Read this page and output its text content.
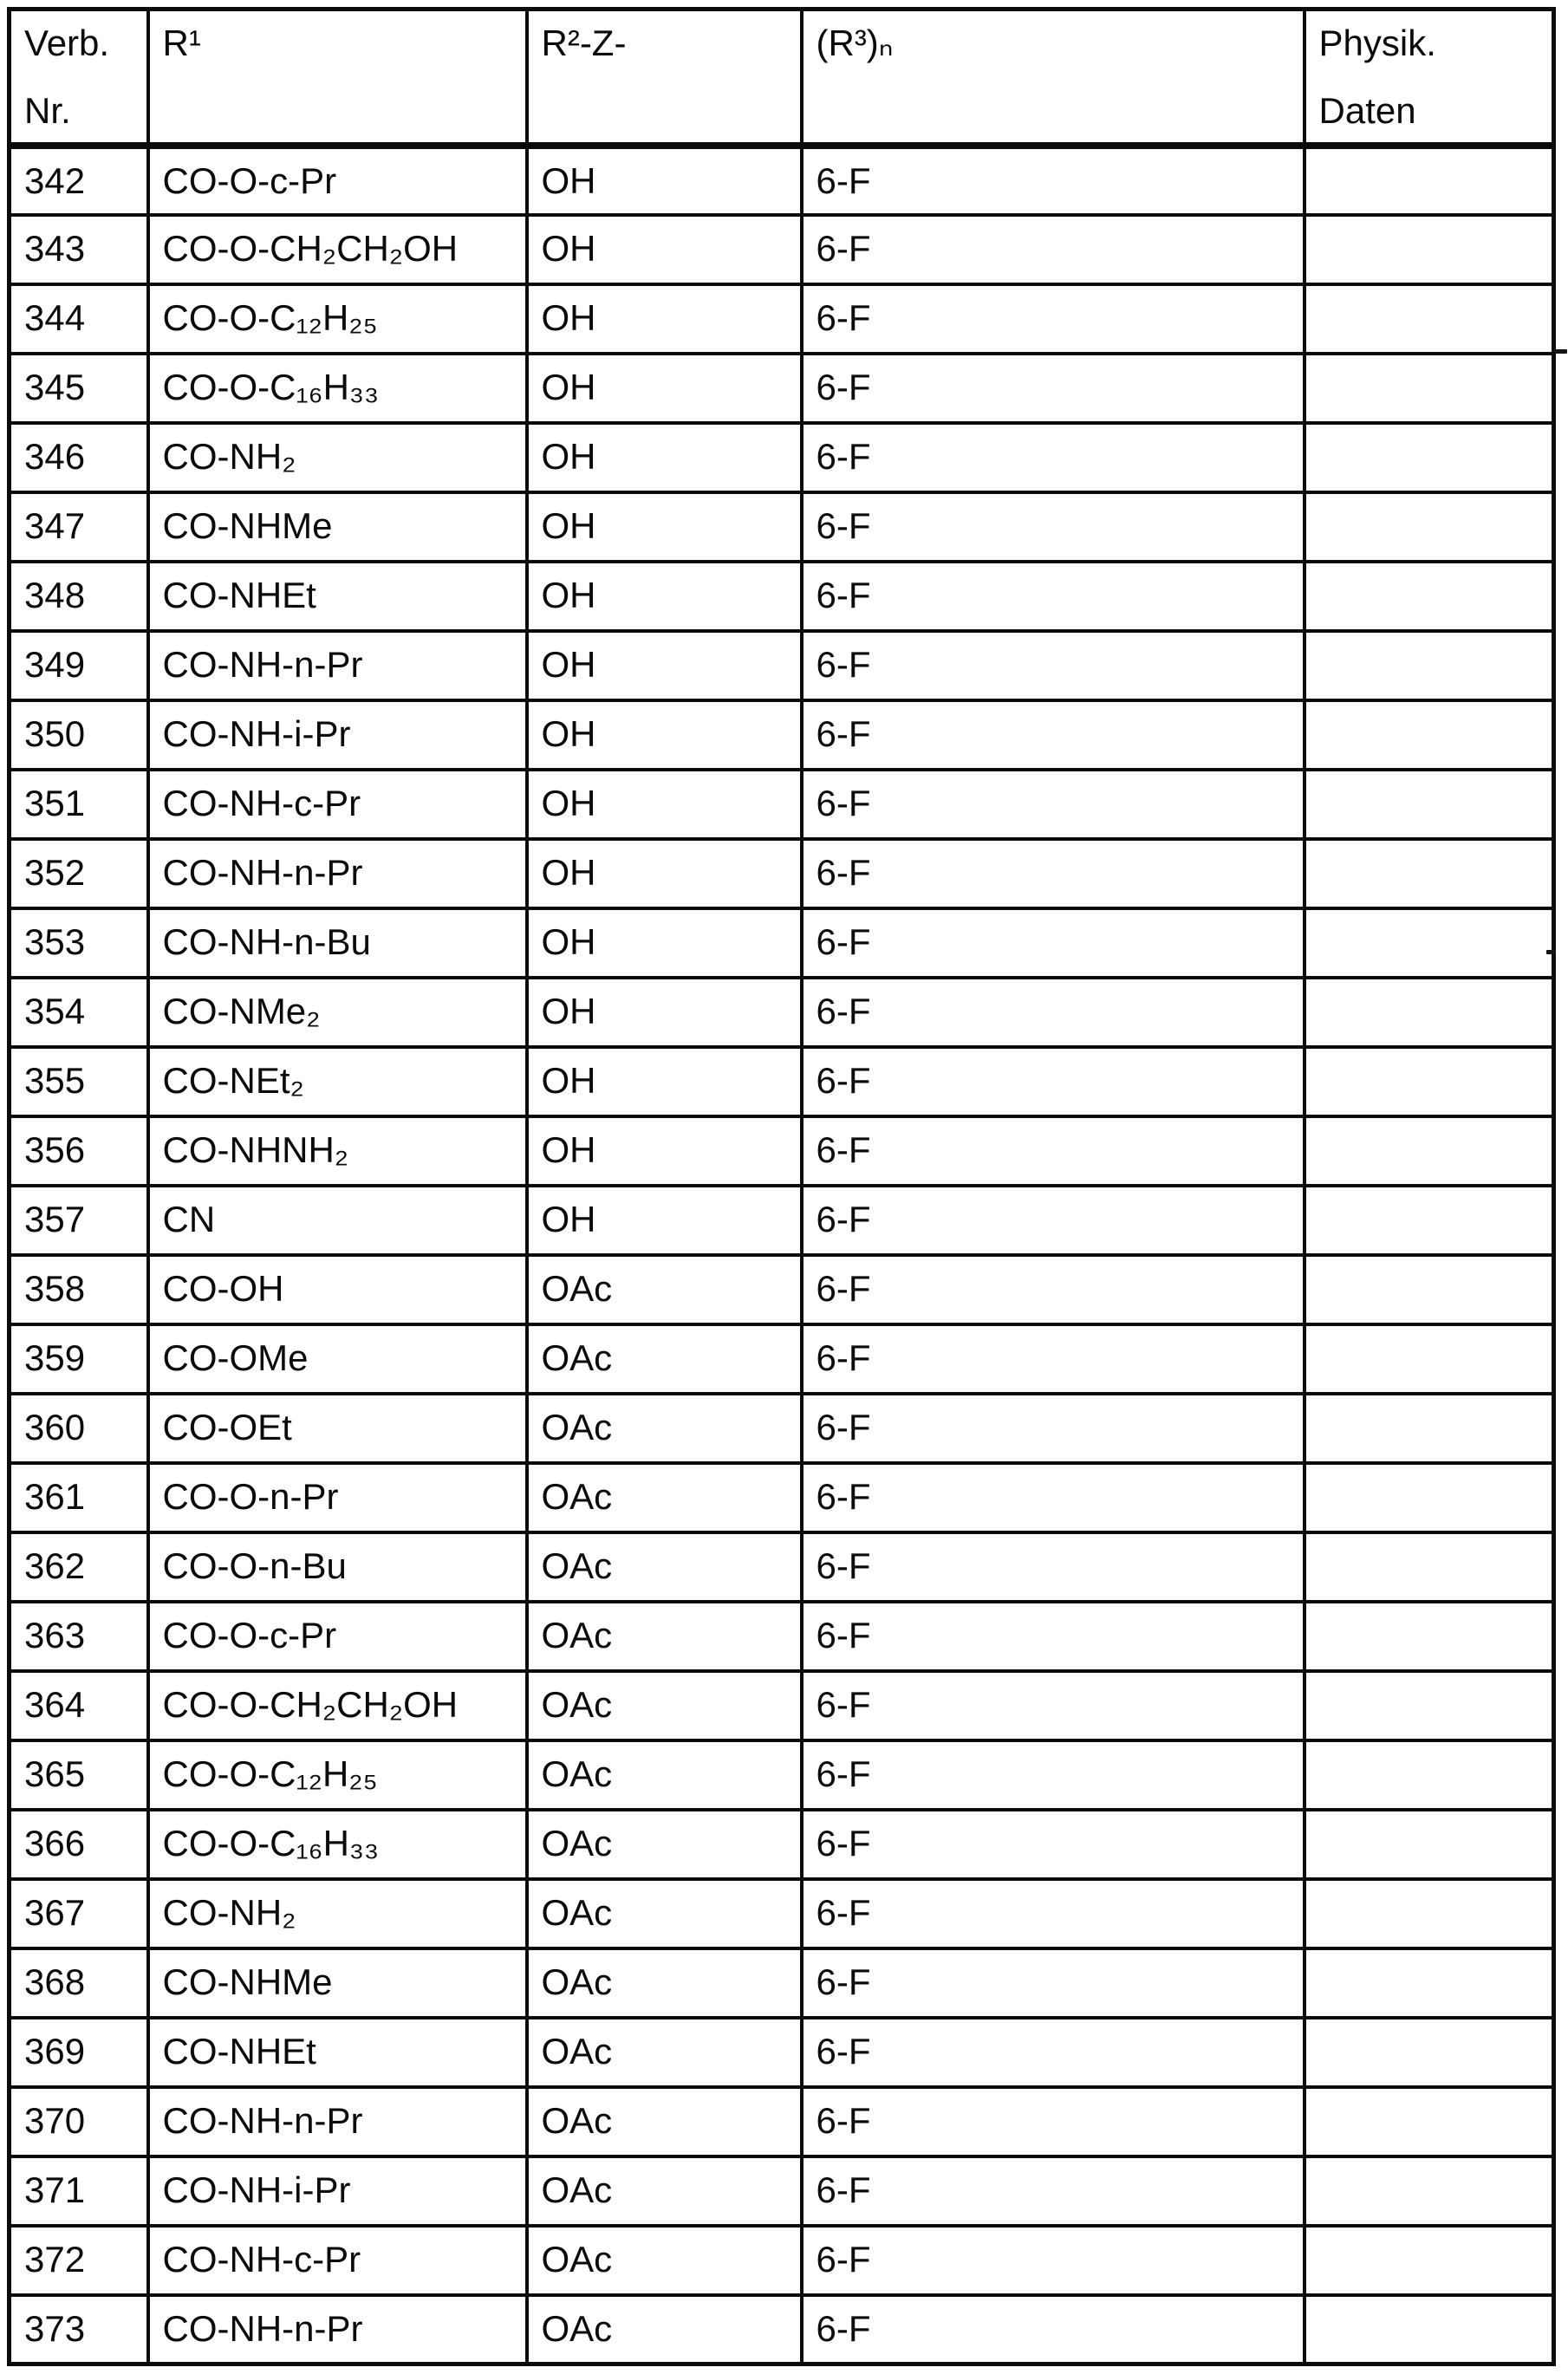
Verb.
Nr.
	R¹	R²-Z-	(R³)ₙ	Physik.
Daten

342	CO-O-c-Pr	OH	6-F	
343	CO-O-CH₂CH₂OH	OH	6-F	
344	CO-O-C₁₂H₂₅	OH	6-F	
345	CO-O-C₁₆H₃₃	OH	6-F	
346	CO-NH₂	OH	6-F	
347	CO-NHMe	OH	6-F	
348	CO-NHEt	OH	6-F	
349	CO-NH-n-Pr	OH	6-F	
350	CO-NH-i-Pr	OH	6-F	
351	CO-NH-c-Pr	OH	6-F	
352	CO-NH-n-Pr	OH	6-F	
353	CO-NH-n-Bu	OH	6-F	
354	CO-NMe₂	OH	6-F	
355	CO-NEt₂	OH	6-F	
356	CO-NHNH₂	OH	6-F	
357	CN	OH	6-F	
358	CO-OH	OAc	6-F	
359	CO-OMe	OAc	6-F	
360	CO-OEt	OAc	6-F	
361	CO-O-n-Pr	OAc	6-F	
362	CO-O-n-Bu	OAc	6-F	
363	CO-O-c-Pr	OAc	6-F	
364	CO-O-CH₂CH₂OH	OAc	6-F	
365	CO-O-C₁₂H₂₅	OAc	6-F	
366	CO-O-C₁₆H₃₃	OAc	6-F	
367	CO-NH₂	OAc	6-F	
368	CO-NHMe	OAc	6-F	
369	CO-NHEt	OAc	6-F	
370	CO-NH-n-Pr	OAc	6-F	
371	CO-NH-i-Pr	OAc	6-F	
372	CO-NH-c-Pr	OAc	6-F	
373	CO-NH-n-Pr	OAc	6-F	
